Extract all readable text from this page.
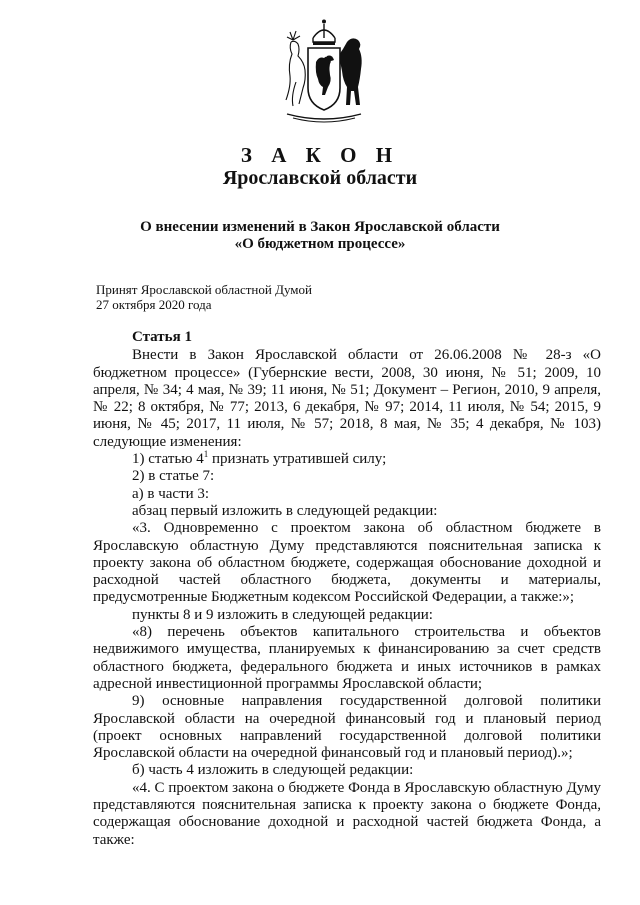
З А К О Н
Ярославской области
О внесении изменений в Закон Ярославской области
«О бюджетном процессе»
Принят Ярославской областной Думой
27 октября 2020 года

Статья 1

Внести в Закон Ярославской области от 26.06.2008 № 28-з «О бюджетном процессе» (Губернские вести, 2008, 30 июня, № 51; 2009, 10 апреля, № 34; 4 мая, № 39; 11 июня, № 51; Документ – Регион, 2010, 9 апреля, № 22; 8 октября, № 77; 2013, 6 декабря, № 97; 2014, 11 июля, № 54; 2015, 9 июня, № 45; 2017, 11 июля, № 57; 2018, 8 мая, № 35; 4 декабря, № 103) следующие изменения:

1) статью $4^1$ признать утратившей силу;

2) в статье 7:

а) в части 3:

абзац первый изложить в следующей редакции:

«3. Одновременно с проектом закона об областном бюджете в Ярославскую областную Думу представляются пояснительная записка к проекту закона об областном бюджете, содержащая обоснование доходной и расходной частей областного бюджета, документы и материалы, предусмотренные Бюджетным кодексом Российской Федерации, а также:»;

пункты 8 и 9 изложить в следующей редакции:

«8) перечень объектов капитального строительства и объектов недвижимого имущества, планируемых к финансированию за счет средств областного бюджета, федерального бюджета и иных источников в рамках адресной инвестиционной программы Ярославской области;

9) основные направления государственной долговой политики Ярославской области на очередной финансовый год и плановый период (проект основных направлений государственной долговой политики Ярославской области на очередной финансовый год и плановый период).»;

б) часть 4 изложить в следующей редакции:

«4. С проектом закона о бюджете Фонда в Ярославскую областную Думу представляются пояснительная записка к проекту закона о бюджете Фонда, содержащая обоснование доходной и расходной частей бюджета Фонда, а также:
